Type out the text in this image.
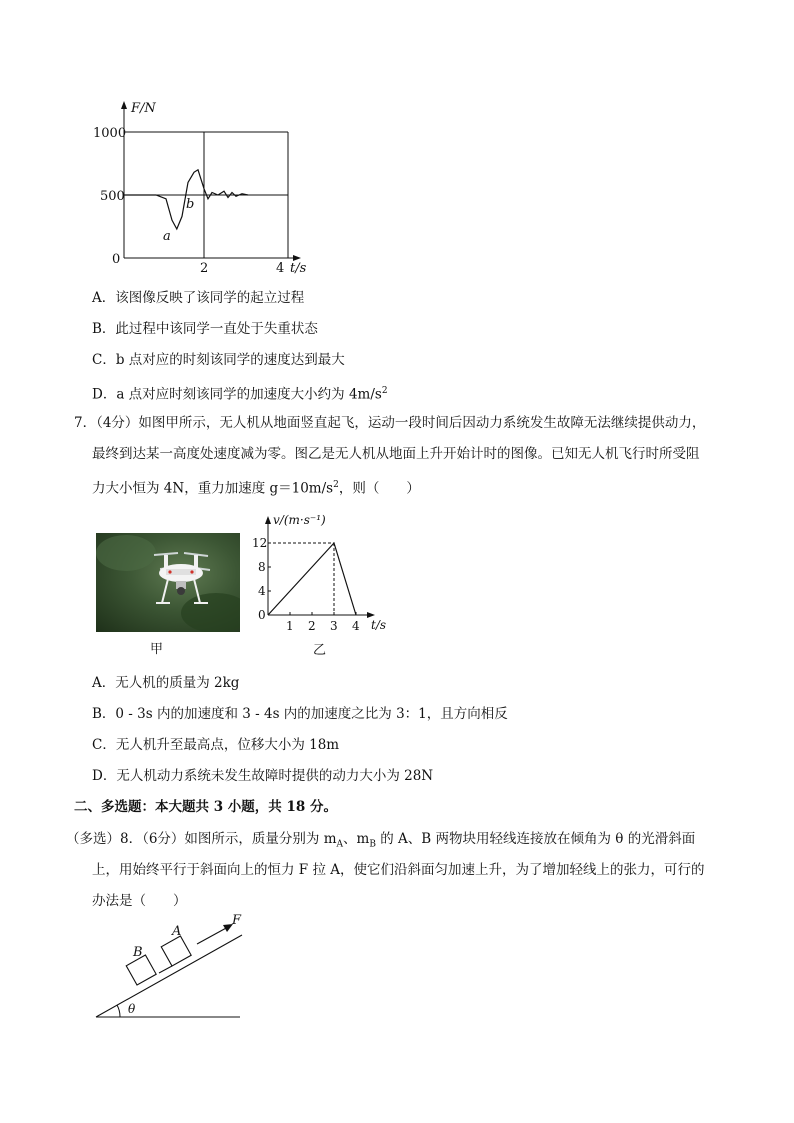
F/N
1000
500
0
2	4 t/s
a
b
A．该图像反映了该同学的起立过程
B．此过程中该同学一直处于失重状态
C．b 点对应的时刻该同学的速度达到最大
D．a 点对应时刻该同学的加速度大小约为 $4m/s^2$
7．（4分）如图甲所示，无人机从地面竖直起飞，运动一段时间后因动力系统发生故障无法继续提供动力，
最终到达某一高度处速度减为零。图乙是无人机从地面上升开始计时的图像。已知无人机飞行时所受阻
力大小恒为 4N，重力加速度 $g=10m/s^2$，则（　　）
甲
v/(m·s⁻¹)
t/s
12
8
4
0
1 2 3 4
乙
A．无人机的质量为 2kg
B．0 - 3s 内的加速度和 3 - 4s 内的加速度之比为 3：1，且方向相反
C．无人机升至最高点，位移大小为 18m
D．无人机动力系统未发生故障时提供的动力大小为 28N
二、多选题：本大题共 3 小题，共 18 分。
（多选）8．（6分）如图所示，质量分别为 $m_A$、$m_B$ 的 A、B 两物块用轻线连接放在倾角为 θ 的光滑斜面
上，用始终平行于斜面向上的恒力 F 拉 A，使它们沿斜面匀加速上升，为了增加轻线上的张力，可行的
办法是（　　）
θ
B
A
F
